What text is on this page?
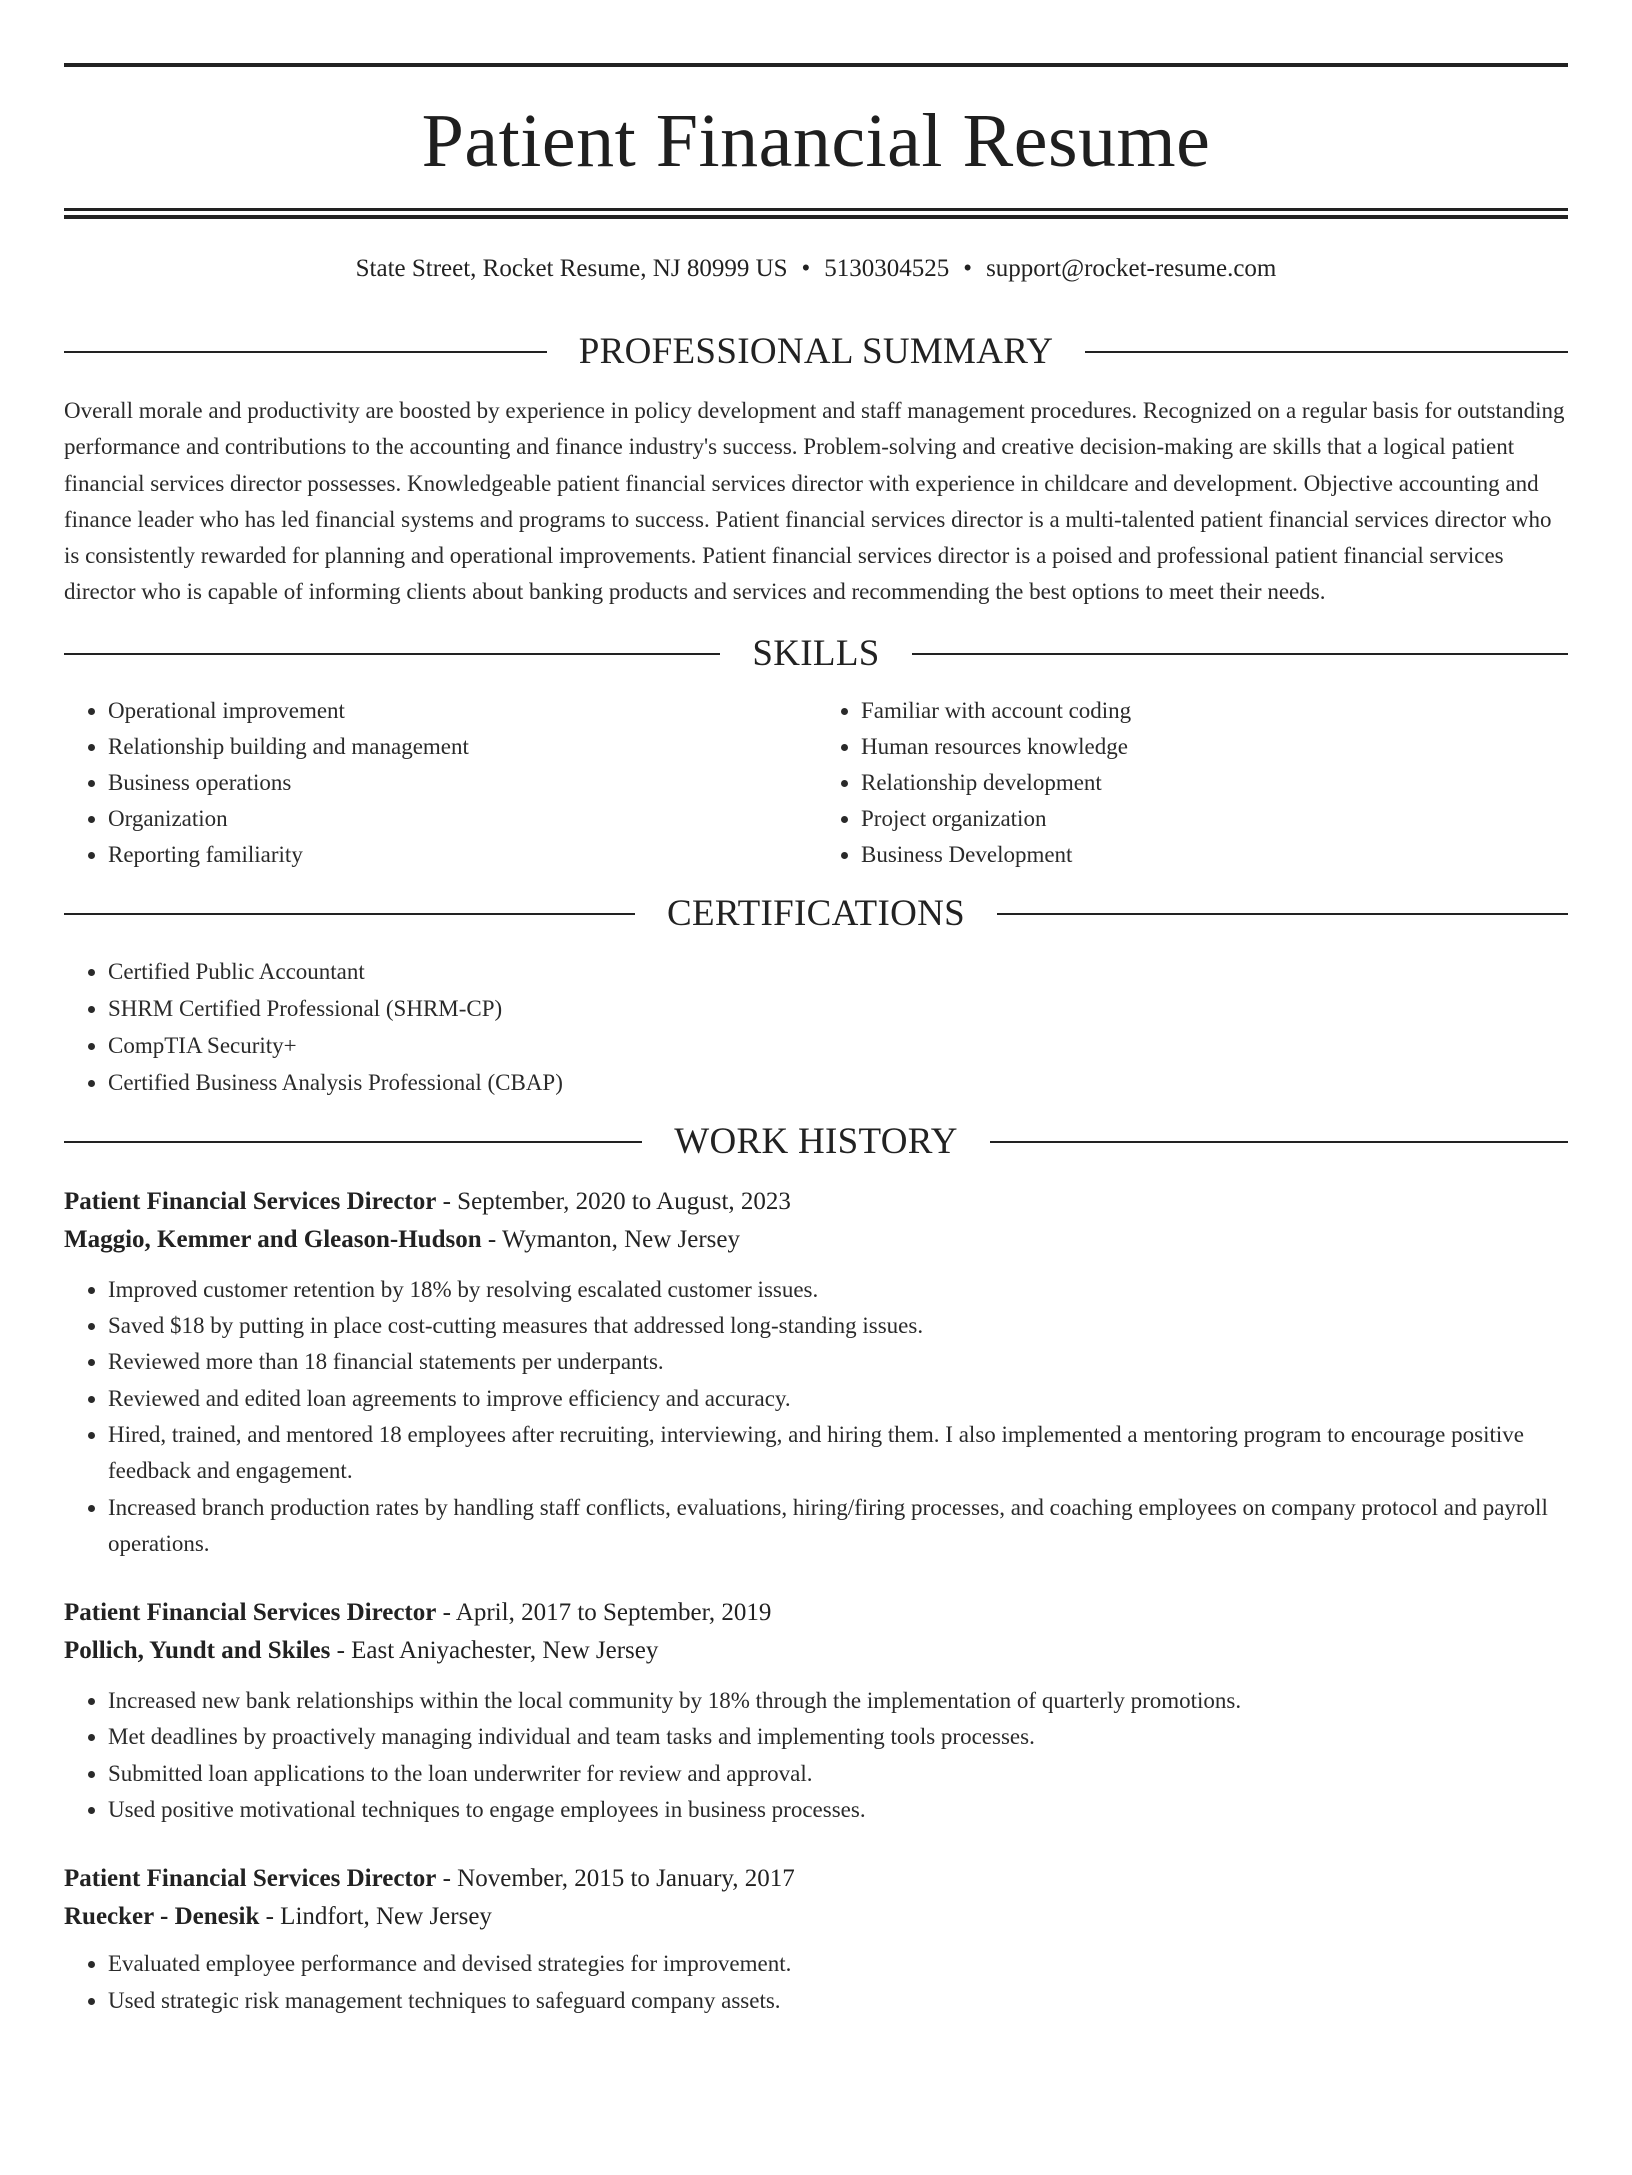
Patient Financial Resume
State Street, Rocket Resume, NJ 80999 US • 5130304525 • support@rocket-resume.com
PROFESSIONAL SUMMARY
Overall morale and productivity are boosted by experience in policy development and staff management procedures. Recognized on a regular basis for outstanding performance and contributions to the accounting and finance industry's success. Problem-solving and creative decision-making are skills that a logical patient financial services director possesses. Knowledgeable patient financial services director with experience in childcare and development. Objective accounting and finance leader who has led financial systems and programs to success. Patient financial services director is a multi-talented patient financial services director who is consistently rewarded for planning and operational improvements. Patient financial services director is a poised and professional patient financial services director who is capable of informing clients about banking products and services and recommending the best options to meet their needs.
SKILLS
• Operational improvement
• Relationship building and management
• Business operations
• Organization
• Reporting familiarity
• Familiar with account coding
• Human resources knowledge
• Relationship development
• Project organization
• Business Development
CERTIFICATIONS
• Certified Public Accountant
• SHRM Certified Professional (SHRM-CP)
• CompTIA Security+
• Certified Business Analysis Professional (CBAP)
WORK HISTORY
Patient Financial Services Director - September, 2020 to August, 2023
Maggio, Kemmer and Gleason-Hudson - Wymanton, New Jersey
• Improved customer retention by 18% by resolving escalated customer issues.
• Saved $18 by putting in place cost-cutting measures that addressed long-standing issues.
• Reviewed more than 18 financial statements per underpants.
• Reviewed and edited loan agreements to improve efficiency and accuracy.
• Hired, trained, and mentored 18 employees after recruiting, interviewing, and hiring them. I also implemented a mentoring program to encourage positive feedback and engagement.
• Increased branch production rates by handling staff conflicts, evaluations, hiring/firing processes, and coaching employees on company protocol and payroll operations.
Patient Financial Services Director - April, 2017 to September, 2019
Pollich, Yundt and Skiles - East Aniyachester, New Jersey
• Increased new bank relationships within the local community by 18% through the implementation of quarterly promotions.
• Met deadlines by proactively managing individual and team tasks and implementing tools processes.
• Submitted loan applications to the loan underwriter for review and approval.
• Used positive motivational techniques to engage employees in business processes.
Patient Financial Services Director - November, 2015 to January, 2017
Ruecker - Denesik - Lindfort, New Jersey
• Evaluated employee performance and devised strategies for improvement.
• Used strategic risk management techniques to safeguard company assets.
